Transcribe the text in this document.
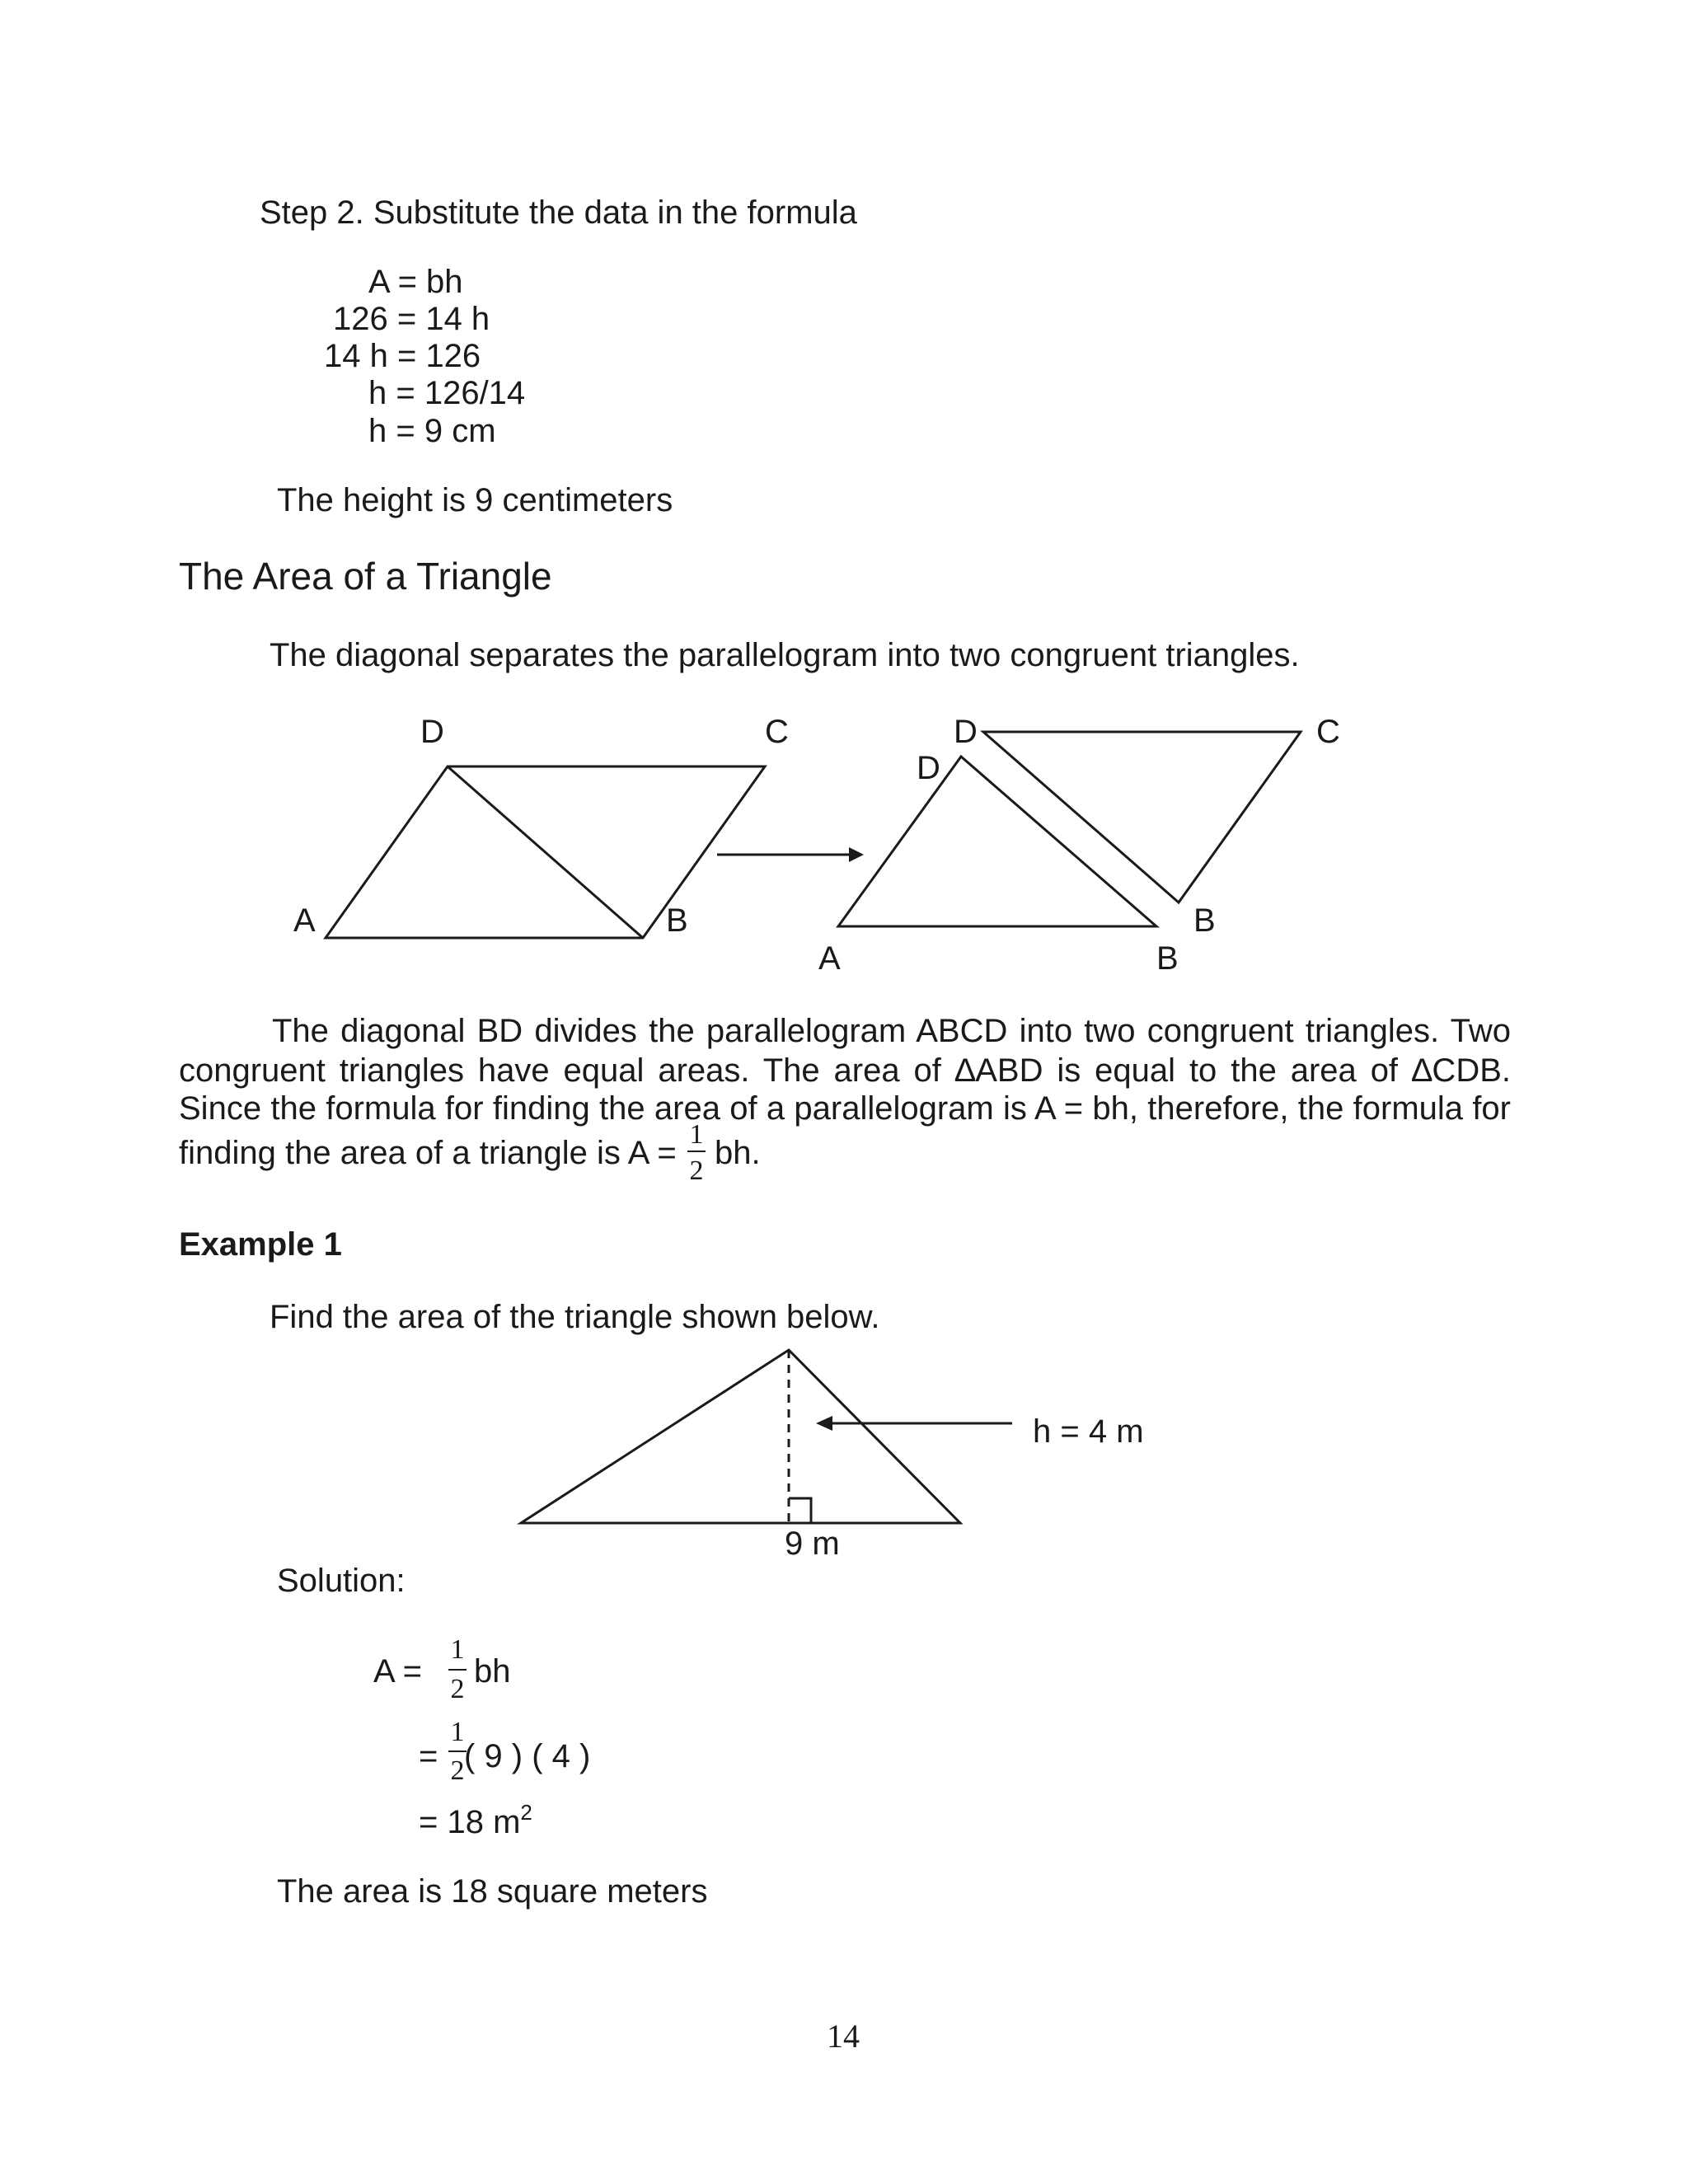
Step 2. Substitute the data in the formula
A = bh
126 = 14 h
14 h = 126
h = 126/14
h = 9 cm
The height is 9 centimeters
The Area of a Triangle
The diagonal separates the parallelogram into two congruent triangles.
D	C
A	B
D	C
D
B
A	B
The diagonal BD divides the parallelogram ABCD into two congruent triangles. Two
congruent triangles have equal areas. The area of ∆ABD is equal to the area of ∆CDB.
Since the formula for finding the area of a parallelogram is A = bh, therefore, the formula for
finding the area of a triangle is A =
1
2 bh.
Example 1
Find the area of the triangle shown below.
h = 4 m
9 m
Solution:
A =
1
2 bh
=
1
2 ( 9 ) ( 4 )
= 18 $m^2$
The area is 18 square meters
14
